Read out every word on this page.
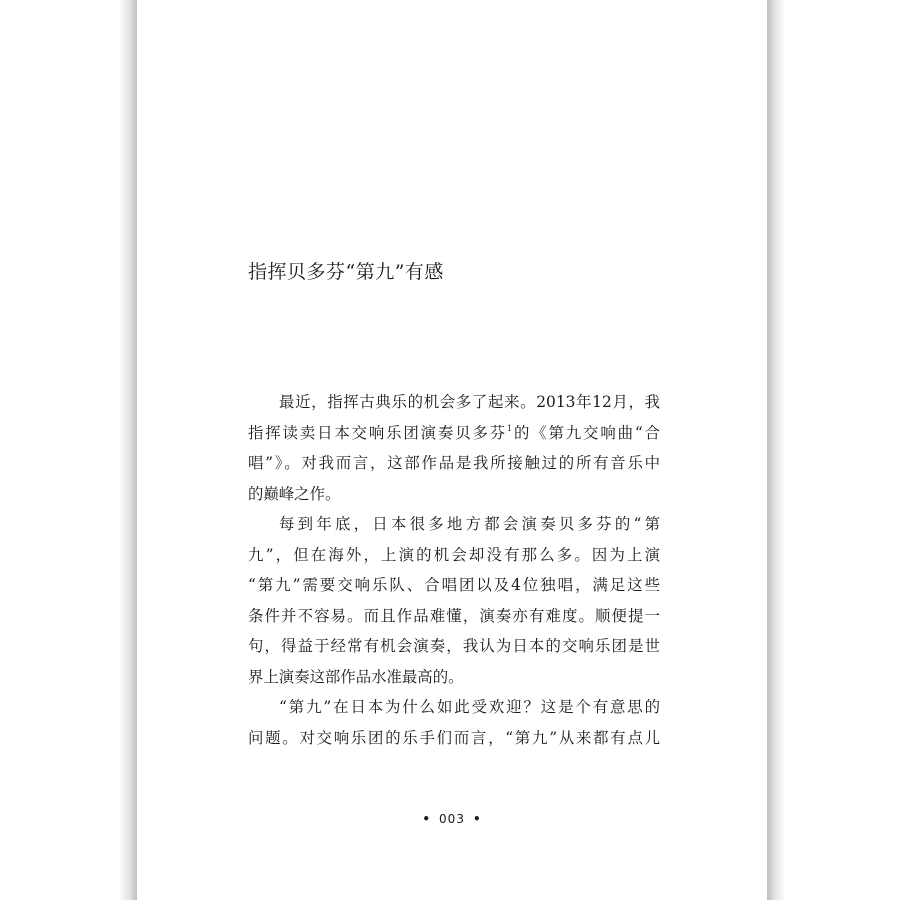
指挥贝多芬“第九”有感
最近，指挥古典乐的机会多了起来。2013年12月，我
指挥读卖日本交响乐团演奏贝多芬$^1$的《第九交响曲“合
唱”》。对我而言，这部作品是我所接触过的所有音乐中
的巅峰之作。
每到年底，日本很多地方都会演奏贝多芬的“第
九”，但在海外，上演的机会却没有那么多。因为上演
“第九”需要交响乐队、合唱团以及4位独唱，满足这些
条件并不容易。而且作品难懂，演奏亦有难度。顺便提一
句，得益于经常有机会演奏，我认为日本的交响乐团是世
界上演奏这部作品水准最高的。
“第九”在日本为什么如此受欢迎？这是个有意思的
问题。对交响乐团的乐手们而言，“第九”从来都有点儿
• 003 •
